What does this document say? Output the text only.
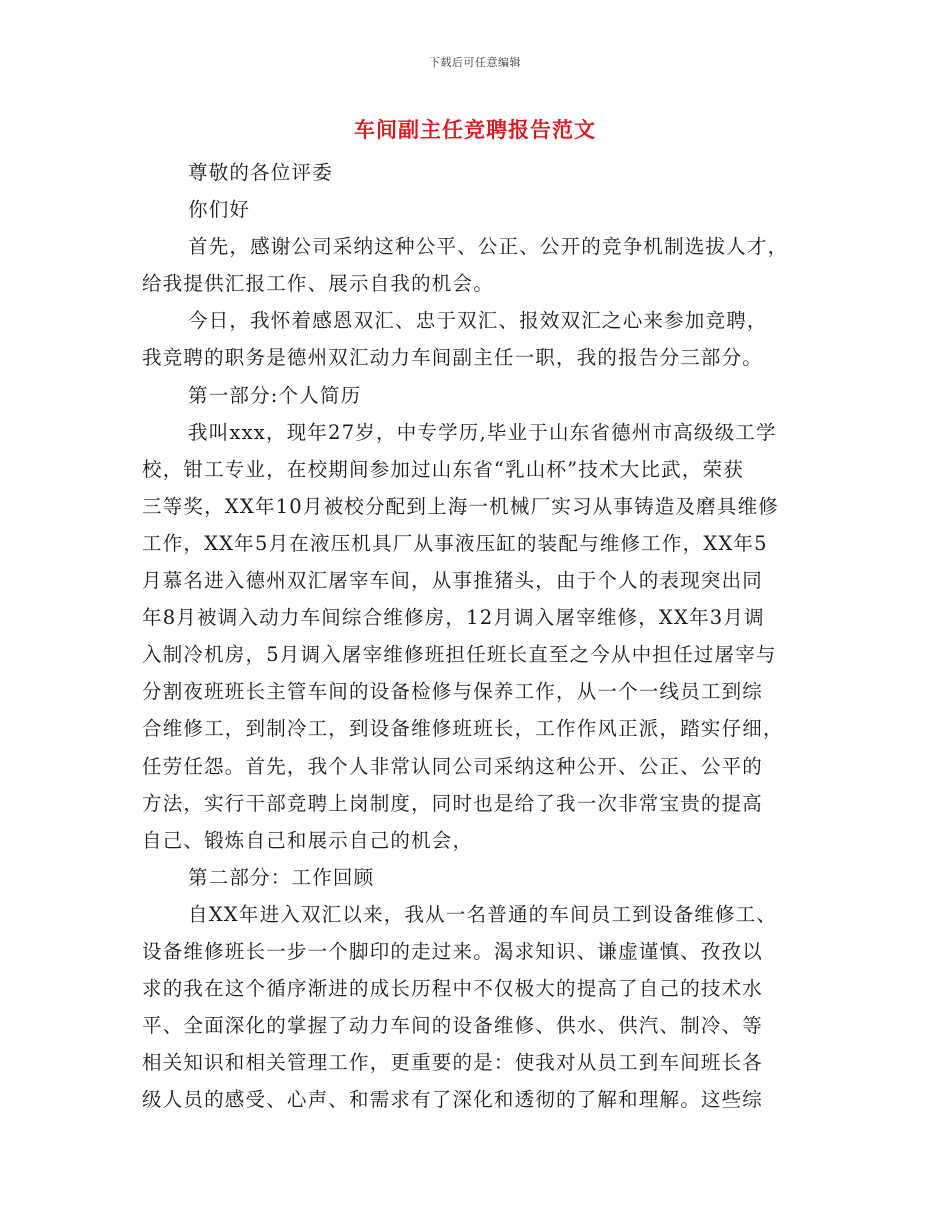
下载后可任意编辑
车间副主任竞聘报告范文
尊敬的各位评委
你们好
首先，感谢公司采纳这种公平、公正、公开的竞争机制选拔人才，
给我提供汇报工作、展示自我的机会。
今日，我怀着感恩双汇、忠于双汇、报效双汇之心来参加竞聘，
我竞聘的职务是德州双汇动力车间副主任一职，我的报告分三部分。
第一部分:个人简历
我叫xxx，现年27岁，中专学历,毕业于山东省德州市高级级工学
校，钳工专业，在校期间参加过山东省“乳山杯”技术大比武，荣获
三等奖，XX年10月被校分配到上海一机械厂实习从事铸造及磨具维修
工作，XX年5月在液压机具厂从事液压缸的装配与维修工作，XX年5
月慕名进入德州双汇屠宰车间，从事推猪头，由于个人的表现突出同
年8月被调入动力车间综合维修房，12月调入屠宰维修，XX年3月调
入制冷机房，5月调入屠宰维修班担任班长直至之今从中担任过屠宰与
分割夜班班长主管车间的设备检修与保养工作，从一个一线员工到综
合维修工，到制冷工，到设备维修班班长，工作作风正派，踏实仔细，
任劳任怨。首先，我个人非常认同公司采纳这种公开、公正、公平的
方法，实行干部竞聘上岗制度，同时也是给了我一次非常宝贵的提高
自己、锻炼自己和展示自己的机会，
第二部分：工作回顾
自XX年进入双汇以来，我从一名普通的车间员工到设备维修工、
设备维修班长一步一个脚印的走过来。渴求知识、谦虚谨慎、孜孜以
求的我在这个循序渐进的成长历程中不仅极大的提高了自己的技术水
平、全面深化的掌握了动力车间的设备维修、供水、供汽、制冷、等
相关知识和相关管理工作，更重要的是：使我对从员工到车间班长各
级人员的感受、心声、和需求有了深化和透彻的了解和理解。这些综
